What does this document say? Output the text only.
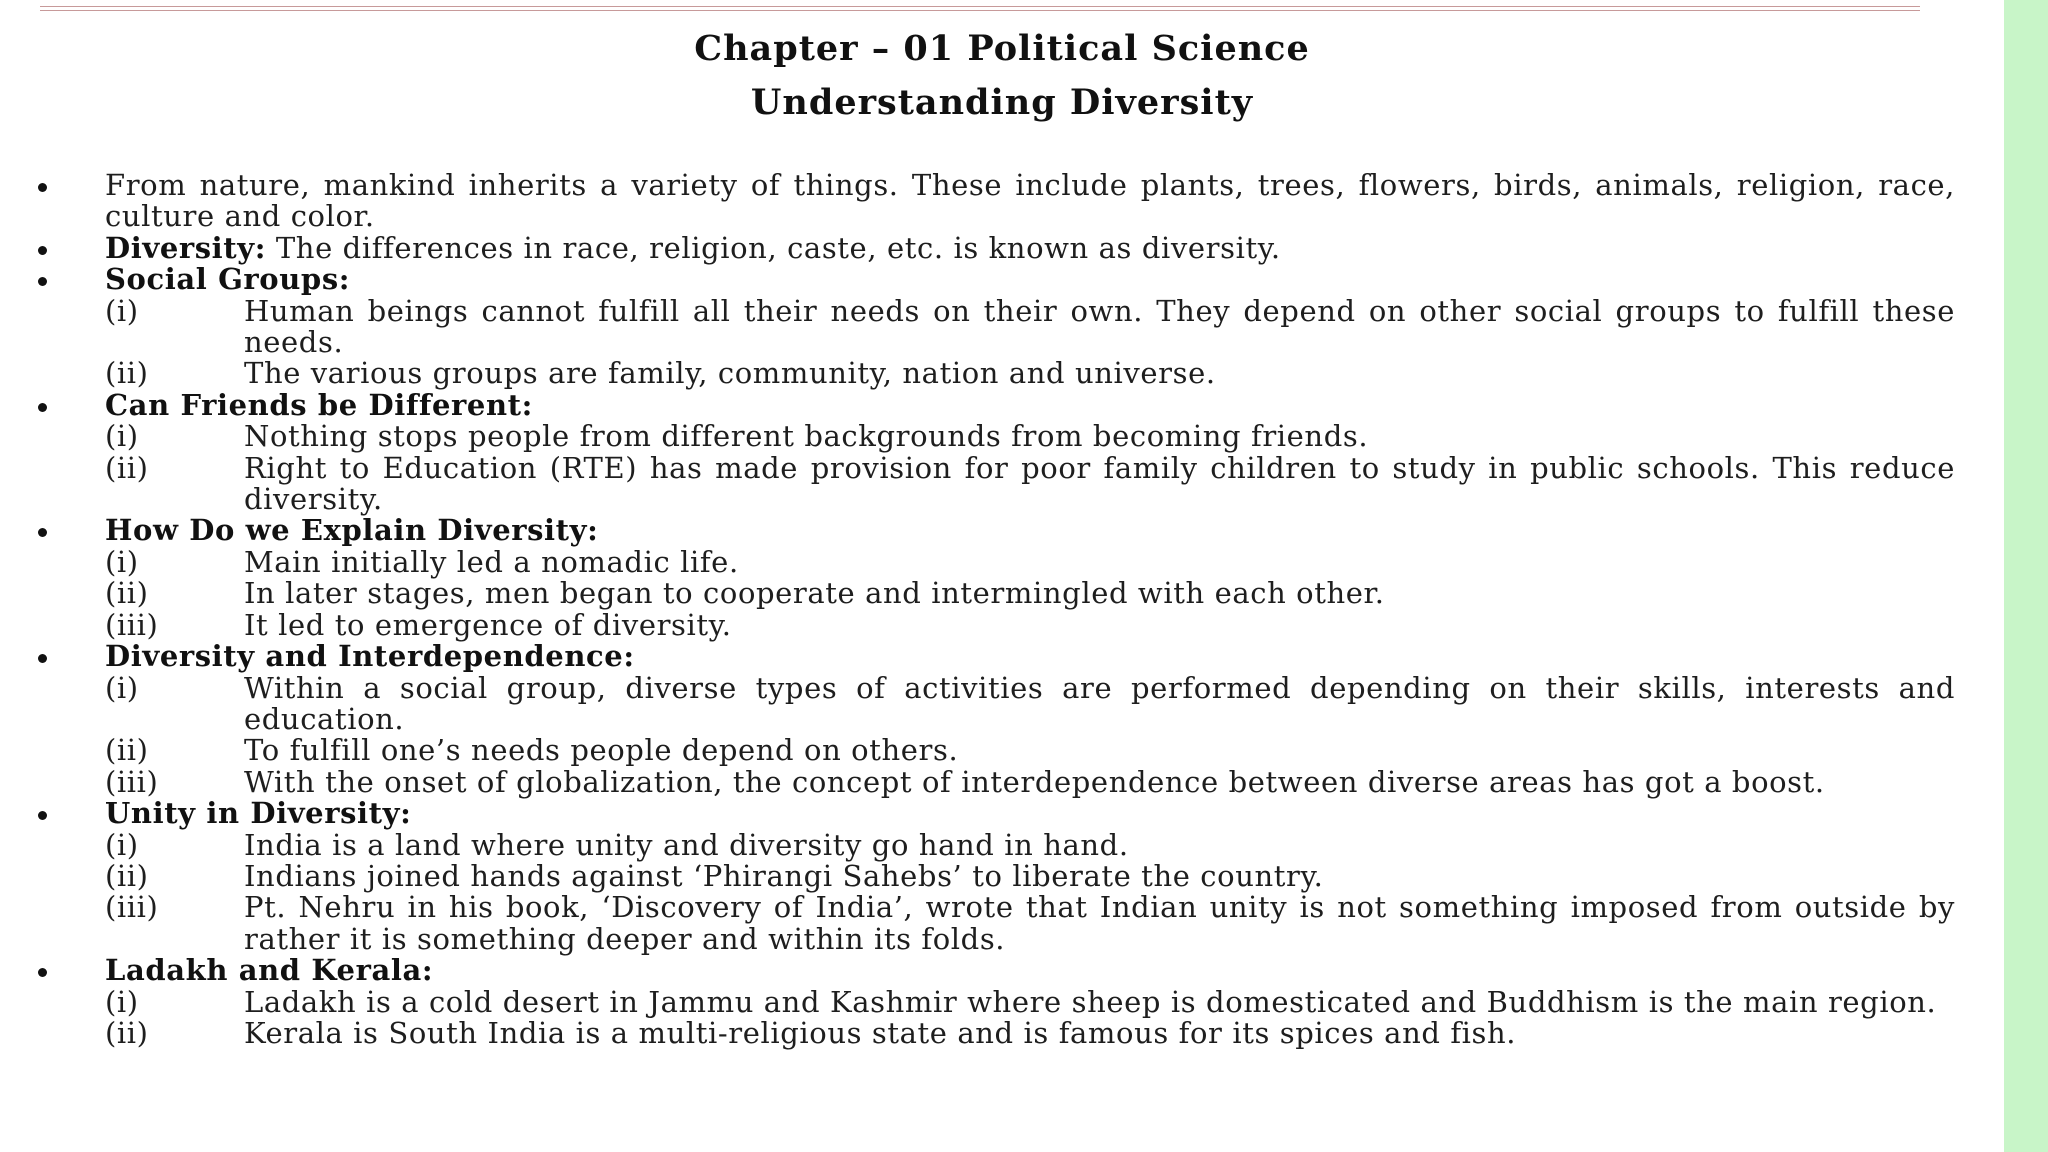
Chapter – 01 Political Science
Understanding Diversity
From nature, mankind inherits a variety of things. These include plants, trees, flowers, birds, animals, religion, race, culture and color.
Diversity: The differences in race, religion, caste, etc. is known as diversity.
Social Groups:
(i)	Human beings cannot fulfill all their needs on their own. They depend on other social groups to fulfill these needs.
(ii)	The various groups are family, community, nation and universe.
Can Friends be Different:
(i)	Nothing stops people from different backgrounds from becoming friends.
(ii)	Right to Education (RTE) has made provision for poor family children to study in public schools. This reduce diversity.
How Do we Explain Diversity:
(i)	Main initially led a nomadic life.
(ii)	In later stages, men began to cooperate and intermingled with each other.
(iii)	It led to emergence of diversity.
Diversity and Interdependence:
(i)	Within a social group, diverse types of activities are performed depending on their skills, interests and education.
(ii)	To fulfill one’s needs people depend on others.
(iii)	With the onset of globalization, the concept of interdependence between diverse areas has got a boost.
Unity in Diversity:
(i)	India is a land where unity and diversity go hand in hand.
(ii)	Indians joined hands against ‘Phirangi Sahebs’ to liberate the country.
(iii)	Pt. Nehru in his book, ‘Discovery of India’, wrote that Indian unity is not something imposed from outside by rather it is something deeper and within its folds.
Ladakh and Kerala:
(i)	Ladakh is a cold desert in Jammu and Kashmir where sheep is domesticated and Buddhism is the main region.
(ii)	Kerala is South India is a multi-religious state and is famous for its spices and fish.
